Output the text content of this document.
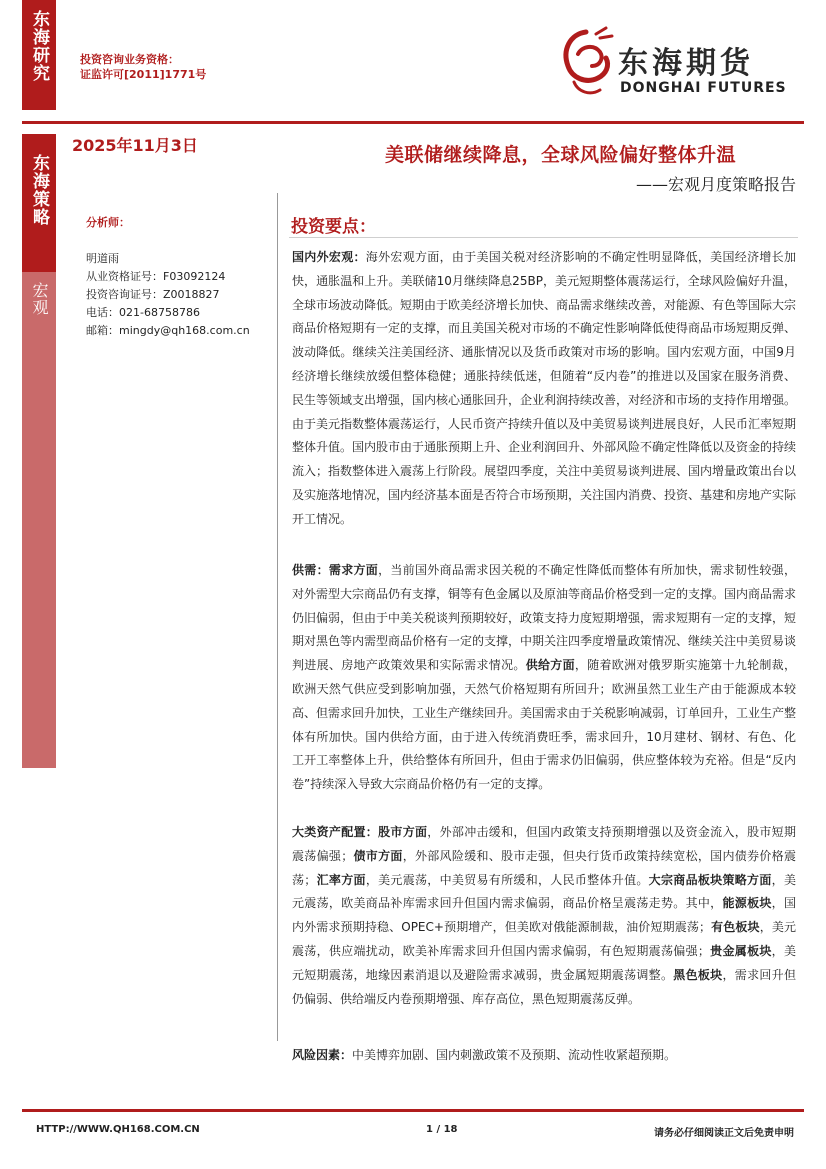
东海研究
东海策略
宏观
投资咨询业务资格：
证监许可[2011]1771号	东海期货
DONGHAI FUTURES
2025年11月3日	美联储继续降息，全球风险偏好整体升温
——宏观月度策略报告
分析师：
明道雨
从业资格证号：F03092124
投资咨询证号：Z0018827
电话：021-68758786
邮箱：mingdy@qh168.com.cn
投资要点：

国内外宏观：海外宏观方面，由于美国关税对经济影响的不确定性明显降低，美国经济增长加快，通胀温和上升。美联储10月继续降息25BP，美元短期整体震荡运行，全球风险偏好升温，全球市场波动降低。短期由于欧美经济增长加快、商品需求继续改善，对能源、有色等国际大宗商品价格短期有一定的支撑，而且美国关税对市场的不确定性影响降低使得商品市场短期反弹、波动降低。继续关注美国经济、通胀情况以及货币政策对市场的影响。国内宏观方面，中国9月经济增长继续放缓但整体稳健；通胀持续低迷，但随着“反内卷”的推进以及国家在服务消费、民生等领域支出增强，国内核心通胀回升，企业利润持续改善，对经济和市场的支持作用增强。由于美元指数整体震荡运行，人民币资产持续升值以及中美贸易谈判进展良好，人民币汇率短期整体升值。国内股市由于通胀预期上升、企业利润回升、外部风险不确定性降低以及资金的持续流入；指数整体进入震荡上行阶段。展望四季度，关注中美贸易谈判进展、国内增量政策出台以及实施落地情况，国内经济基本面是否符合市场预期，关注国内消费、投资、基建和房地产实际开工情况。

供需：需求方面，当前国外商品需求因关税的不确定性降低而整体有所加快，需求韧性较强，对外需型大宗商品仍有支撑，铜等有色金属以及原油等商品价格受到一定的支撑。国内商品需求仍旧偏弱，但由于中美关税谈判预期较好，政策支持力度短期增强，需求短期有一定的支撑，短期对黑色等内需型商品价格有一定的支撑，中期关注四季度增量政策情况、继续关注中美贸易谈判进展、房地产政策效果和实际需求情况。供给方面，随着欧洲对俄罗斯实施第十九轮制裁，欧洲天然气供应受到影响加强，天然气价格短期有所回升；欧洲虽然工业生产由于能源成本较高、但需求回升加快，工业生产继续回升。美国需求由于关税影响减弱，订单回升，工业生产整体有所加快。国内供给方面，由于进入传统消费旺季，需求回升，10月建材、钢材、有色、化工开工率整体上升，供给整体有所回升，但由于需求仍旧偏弱，供应整体较为充裕。但是“反内卷”持续深入导致大宗商品价格仍有一定的支撑。

大类资产配置：股市方面，外部冲击缓和，但国内政策支持预期增强以及资金流入，股市短期震荡偏强；债市方面，外部风险缓和、股市走强，但央行货币政策持续宽松，国内债券价格震荡；汇率方面，美元震荡，中美贸易有所缓和，人民币整体升值。大宗商品板块策略方面，美元震荡，欧美商品补库需求回升但国内需求偏弱，商品价格呈震荡走势。其中，能源板块，国内外需求预期持稳、OPEC+预期增产，但美欧对俄能源制裁，油价短期震荡；有色板块，美元震荡，供应端扰动，欧美补库需求回升但国内需求偏弱，有色短期震荡偏强；贵金属板块，美元短期震荡，地缘因素消退以及避险需求减弱，贵金属短期震荡调整。黑色板块，需求回升但仍偏弱、供给端反内卷预期增强、库存高位，黑色短期震荡反弹。

风险因素：中美博弈加剧、国内刺激政策不及预期、流动性收紧超预期。

HTTP://WWW.QH168.COM.CN	1 / 18	请务必仔细阅读正文后免责申明
